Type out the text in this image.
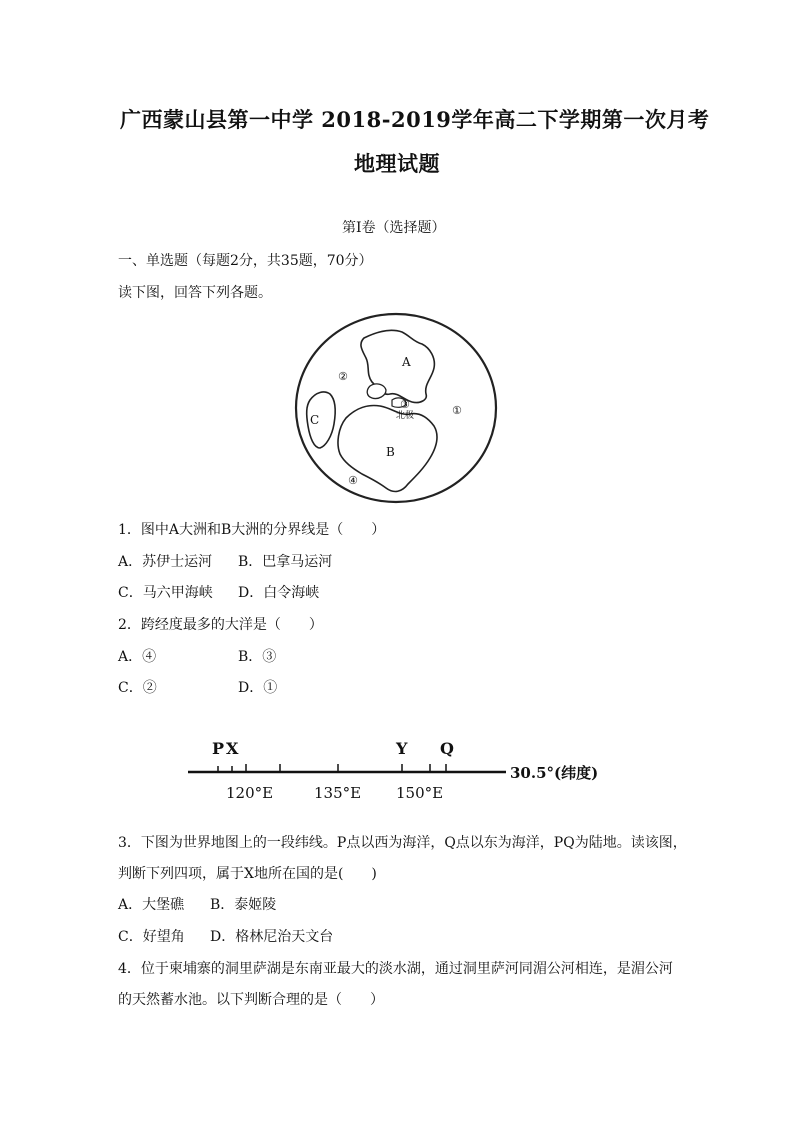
广西蒙山县第一中学 2018-2019学年高二下学期第一次月考
地理试题
第Ⅰ卷（选择题）
一、单选题（每题2分，共35题，70分）
读下图，回答下列各题。
A
B
C
①
②
③
④
北极
1．图中A大洲和B大洲的分界线是（　　）
A．苏伊士运河 B．巴拿马运河
C．马六甲海峡 D．白令海峡
2．跨经度最多的大洋是（　　）
A．④	B．③
C．②	D．①
P X	Y Q
120°E	135°E 150°E
30.5°(纬度)
3．下图为世界地图上的一段纬线。P点以西为海洋，Q点以东为海洋，PQ为陆地。读该图，
判断下列四项，属于X地所在国的是(　　)
A．大堡礁 B．泰姬陵
C．好望角 D．格林尼治天文台
4．位于柬埔寨的洞里萨湖是东南亚最大的淡水湖，通过洞里萨河同湄公河相连，是湄公河
的天然蓄水池。以下判断合理的是（　　）
